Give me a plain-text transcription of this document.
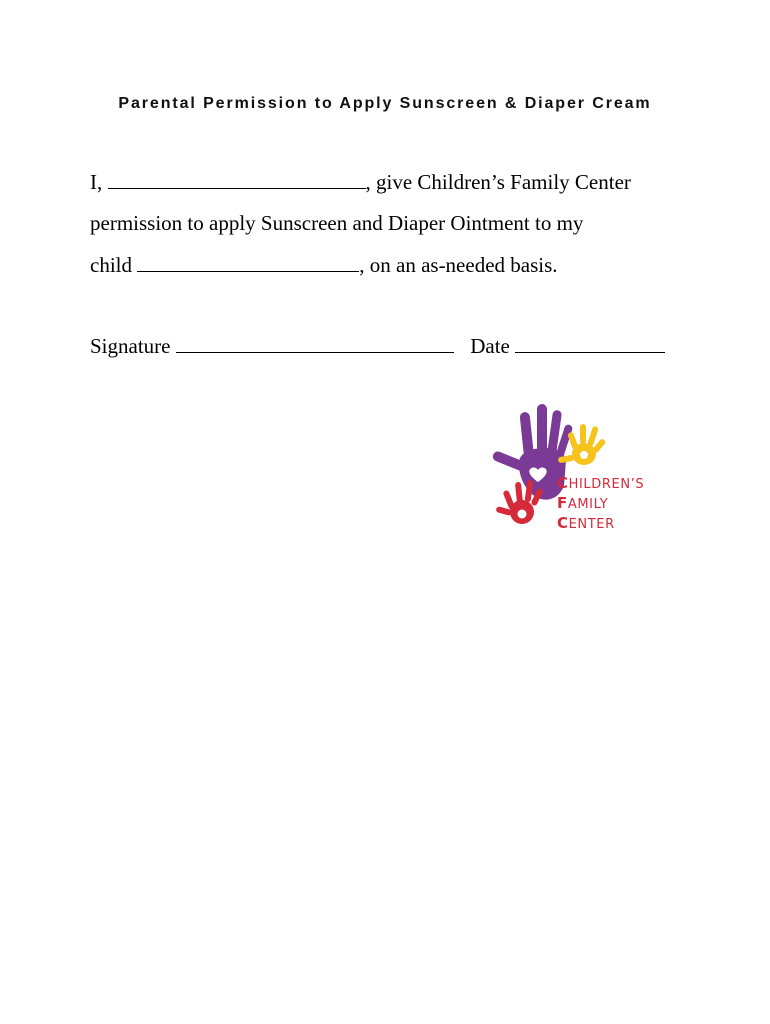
Parental Permission to Apply Sunscreen & Diaper Cream
I,	, give Children’s Family Center
permission to apply Sunscreen and Diaper Ointment to my
child	, on an as-needed basis.
Signature	Date
CHILDREN’S
FAMILY
CENTER
